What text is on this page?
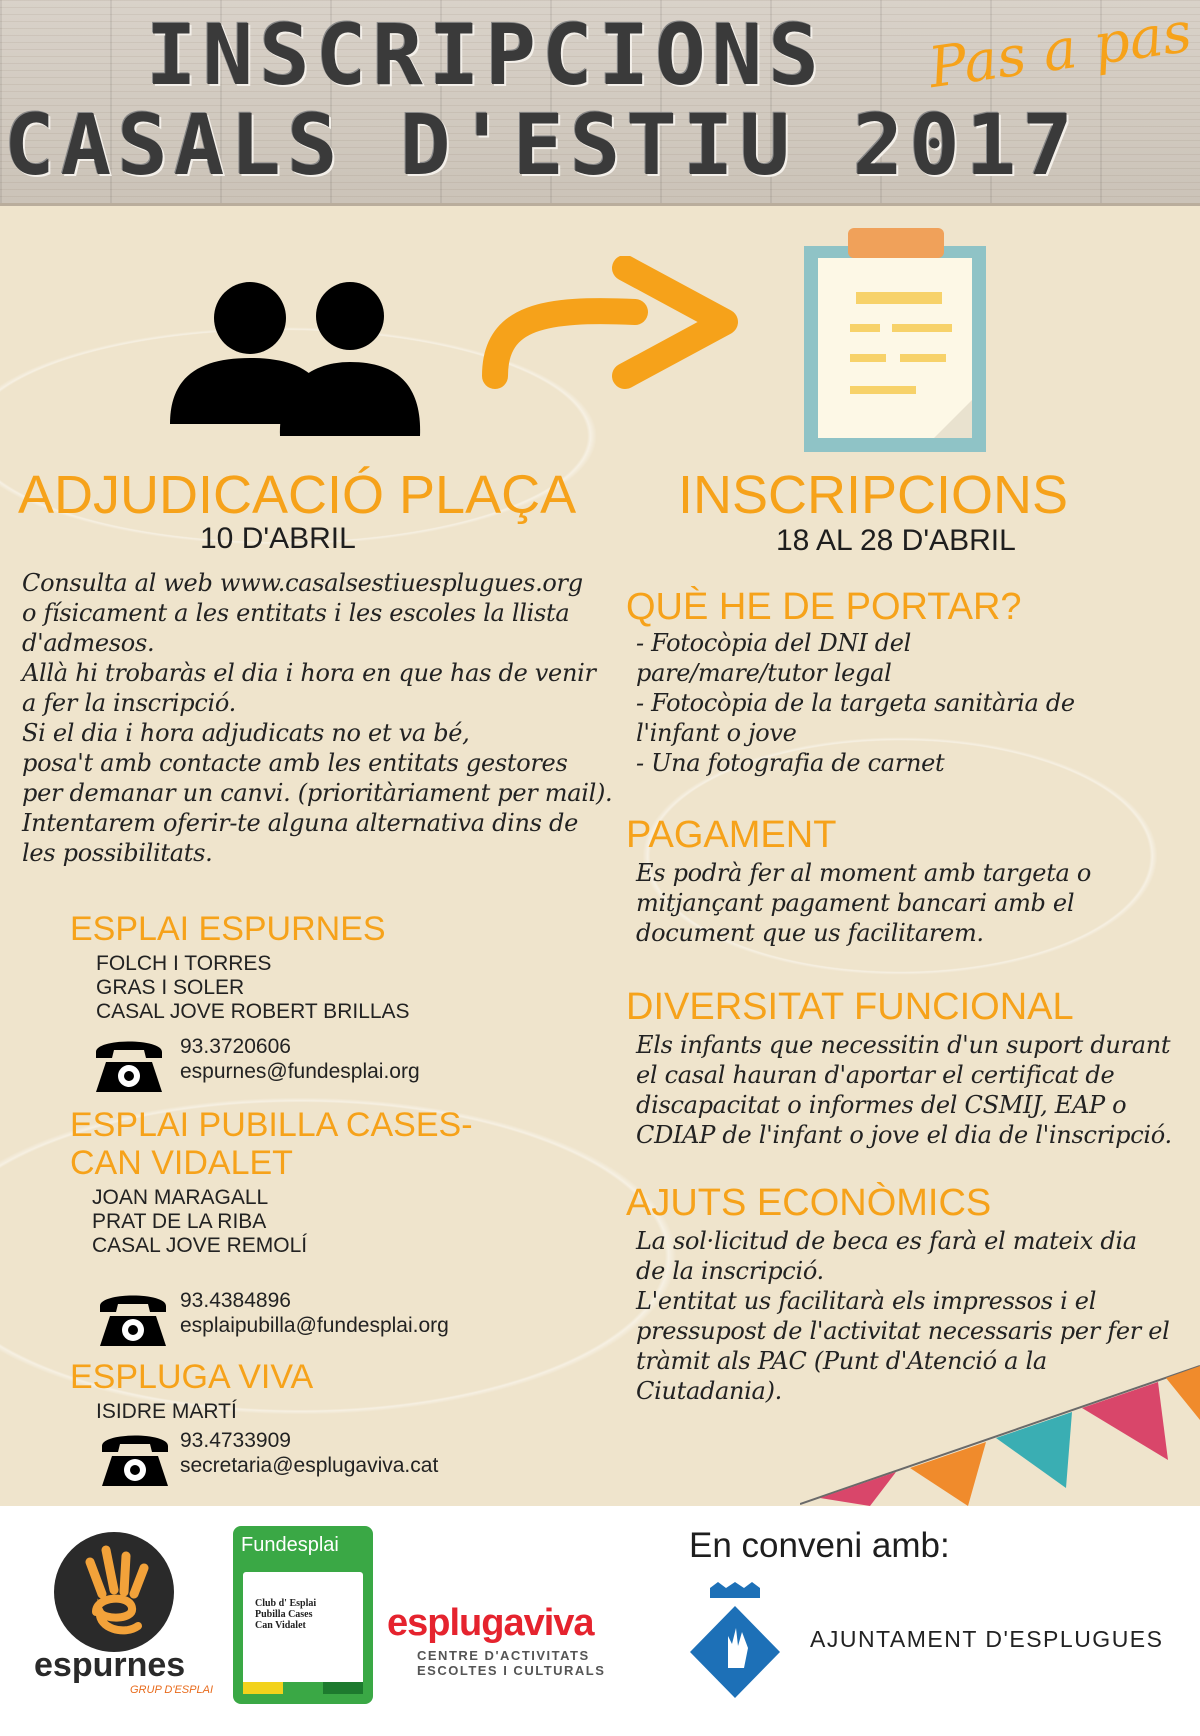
INSCRIPCIONS
CASALS D'ESTIU 2017
Pas a pas
ADJUDICACIÓ PLAÇA
10 D'ABRIL
Consulta al web www.casalsestiuesplugues.org
o físicament a les entitats i les escoles la llista
d'admesos.
Allà hi trobaràs el dia i hora en que has de venir
a fer la inscripció.
Si el dia i hora adjudicats no et va bé,
posa't amb contacte amb les entitats gestores
per demanar un canvi. (prioritàriament per mail).
Intentarem oferir-te alguna alternativa dins de
les possibilitats.
ESPLAI ESPURNES
FOLCH I TORRES
GRAS I SOLER
CASAL JOVE ROBERT BRILLAS
93.3720606
espurnes@fundesplai.org
ESPLAI PUBILLA CASES-
CAN VIDALET
JOAN MARAGALL
PRAT DE LA RIBA
CASAL JOVE REMOLÍ
93.4384896
esplaipubilla@fundesplai.org
ESPLUGA VIVA
ISIDRE MARTÍ
93.4733909
secretaria@esplugaviva.cat
INSCRIPCIONS
18 AL 28 D'ABRIL
QUÈ HE DE PORTAR?
- Fotocòpia del DNI del
pare/mare/tutor legal
- Fotocòpia de la targeta sanitària de
l'infant o jove
- Una fotografia de carnet
PAGAMENT
Es podrà fer al moment amb targeta o
mitjançant pagament bancari amb el
document que us facilitarem.
DIVERSITAT FUNCIONAL
Els infants que necessitin d'un suport durant
el casal hauran d'aportar el certificat de
discapacitat o informes del CSMIJ, EAP o
CDIAP de l'infant o jove el dia de l'inscripció.
AJUTS ECONÒMICS
La sol·licitud de beca es farà el mateix dia
de la inscripció.
L'entitat us facilitarà els impressos i el
pressupost de l'activitat necessaris per fer el
tràmit als PAC (Punt d'Atenció a la
Ciutadania).
espurnes
GRUP D'ESPLAI
Fundesplai
Club d' Esplai
Pubilla Cases
Can Vidalet esplugaviva
CENTRE D'ACTIVITATS
ESCOLTES I CULTURALS
En conveni amb:
AJUNTAMENT D'ESPLUGUES
